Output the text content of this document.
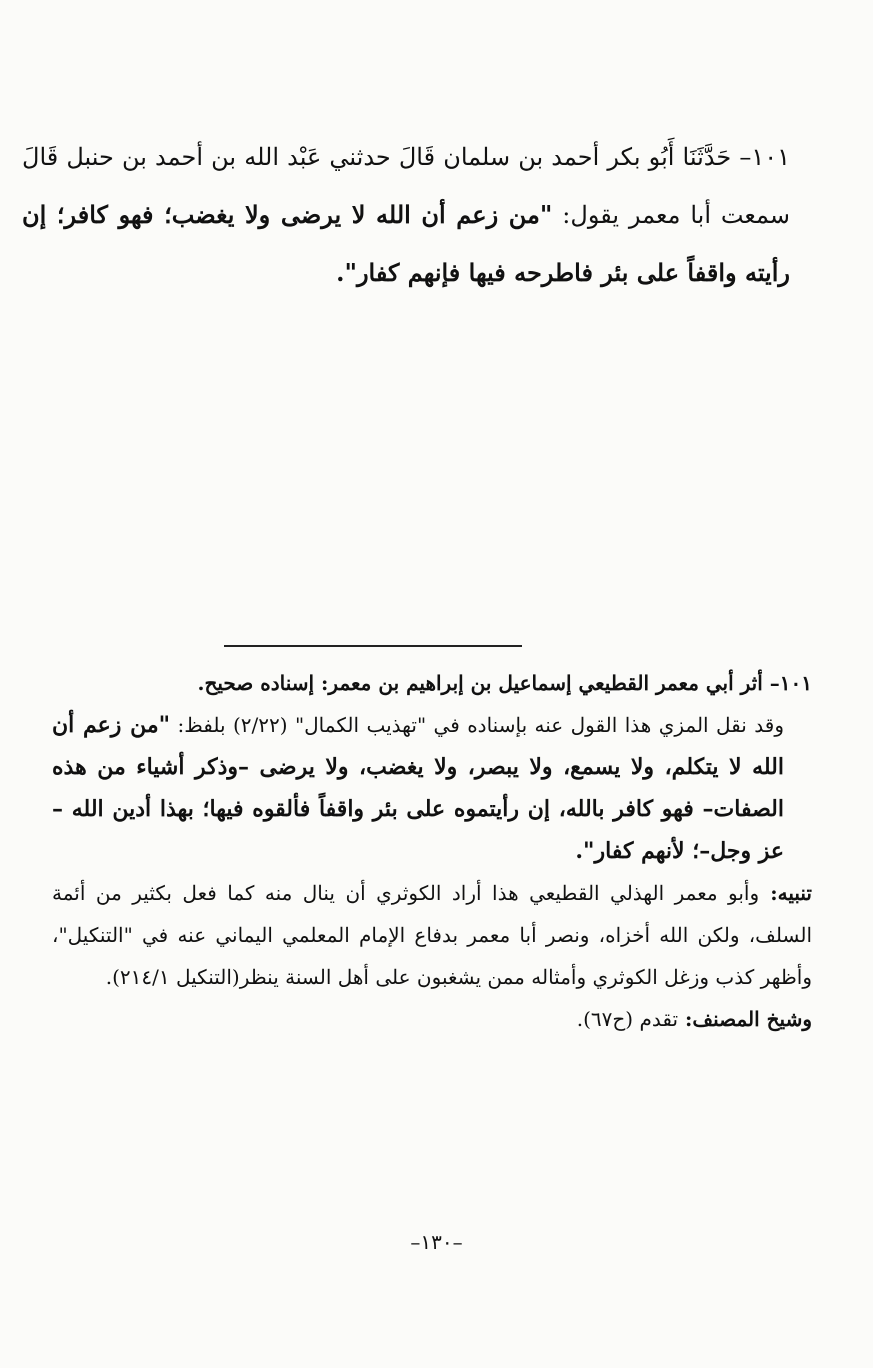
١٠١– حَدَّثَنَا أَبُو بكر أحمد بن سلمان قَالَ حدثني عَبْد الله بن أحمد بن حنبل قَالَ سمعت أبا معمر يقول: "من زعم أن الله لا يرضى ولا يغضب؛ فهو كافر؛ إن رأيته واقفاً على بئر فاطرحه فيها فإنهم كفار".
١٠١– أثر أبي معمر القطيعي إسماعيل بن إبراهيم بن معمر: إسناده صحيح.
وقد نقل المزي هذا القول عنه بإسناده في "تهذيب الكمال" (٢/٢٢) بلفظ: "من زعم أن الله لا يتكلم، ولا يسمع، ولا يبصر، ولا يغضب، ولا يرضى –وذكر أشياء من هذه الصفات– فهو كافر بالله، إن رأيتموه على بئر واقفاً فألقوه فيها؛ بهذا أدين الله –عز وجل–؛ لأنهم كفار".
تنبيه: وأبو معمر الهذلي القطيعي هذا أراد الكوثري أن ينال منه كما فعل بكثير من أئمة السلف، ولكن الله أخزاه، ونصر أبا معمر بدفاع الإمام المعلمي اليماني عنه في "التنكيل"، وأظهر كذب وزغل الكوثري وأمثاله ممن يشغبون على أهل السنة ينظر(التنكيل ٢١٤/١).
وشيخ المصنف: تقدم (ح٦٧).
–١٣٠–
